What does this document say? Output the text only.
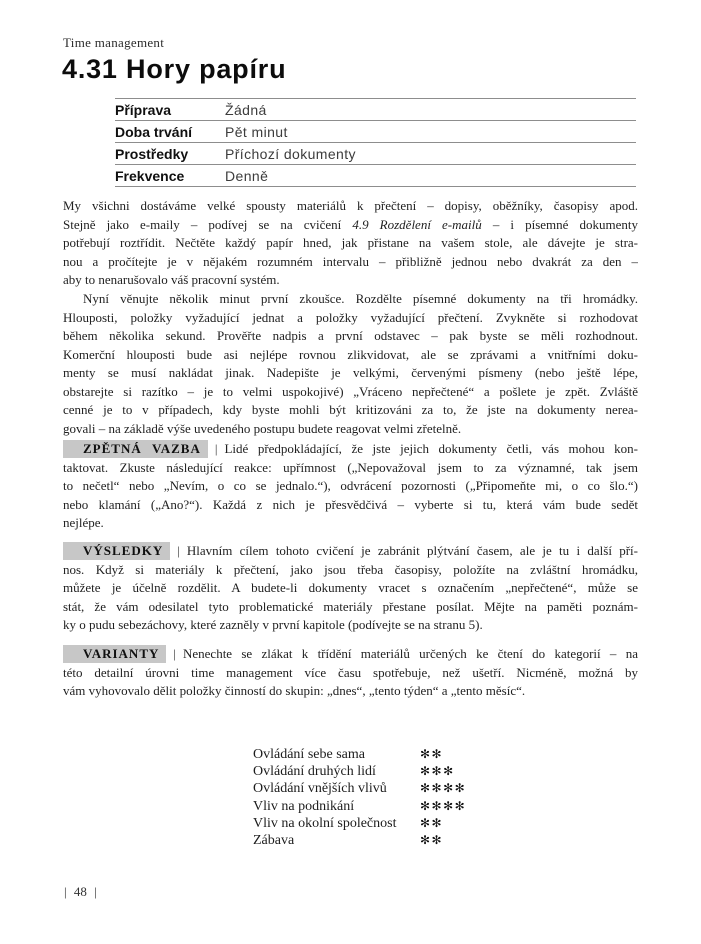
Time management
4.31 Hory papíru
Příprava	Žádná
Doba trvání	Pět minut
Prostředky	Příchozí dokumenty
Frekvence	Denně
My všichni dostáváme velké spousty materiálů k přečtení – dopisy, oběžníky, časopisy apod.
Stejně jako e-maily – podívej se na cvičení 4.9 Rozdělení e-mailů – i písemné dokumenty
potřebují roztřídit. Nečtěte každý papír hned, jak přistane na vašem stole, ale dávejte je stra-
nou a pročítejte je v nějakém rozumném intervalu – přibližně jednou nebo dvakrát za den –
aby to nenarušovalo váš pracovní systém.
Nyní věnujte několik minut první zkoušce. Rozdělte písemné dokumenty na tři hromádky.
Hlouposti, položky vyžadující jednat a položky vyžadující přečtení. Zvykněte si rozhodovat
během několika sekund. Prověřte nadpis a první odstavec – pak byste se měli rozhodnout.
Komerční hlouposti bude asi nejlépe rovnou zlikvidovat, ale se zprávami a vnitřními doku-
menty se musí nakládat jinak. Nadepište je velkými, červenými písmeny (nebo ještě lépe,
obstarejte si razítko – je to velmi uspokojivé) „Vráceno nepřečtené“ a pošlete je zpět. Zvláště
cenné je to v případech, kdy byste mohli být kritizováni za to, že jste na dokumenty nerea-
govali – na základě výše uvedeného postupu budete reagovat velmi zřetelně.
ZPĚTNÁ VAZBA | Lidé předpokládající, že jste jejich dokumenty četli, vás mohou kon-
taktovat. Zkuste následující reakce: upřímnost („Nepovažoval jsem to za významné, tak jsem
to nečetl“ nebo „Nevím, o co se jednalo.“), odvrácení pozornosti („Připomeňte mi, o co šlo.“)
nebo klamání („Ano?“). Každá z nich je přesvědčivá – vyberte si tu, která vám bude sedět
nejlépe.
VÝSLEDKY | Hlavním cílem tohoto cvičení je zabránit plýtvání časem, ale je tu i další pří-
nos. Když si materiály k přečtení, jako jsou třeba časopisy, položíte na zvláštní hromádku,
můžete je účelně rozdělit. A budete-li dokumenty vracet s označením „nepřečtené“, může se
stát, že vám odesilatel tyto problematické materiály přestane posílat. Mějte na paměti poznám-
ky o pudu sebezáchovy, které zazněly v první kapitole (podívejte se na stranu 5).
VARIANTY | Nenechte se zlákat k třídění materiálů určených ke čtení do kategorií – na
této detailní úrovni time management více času spotřebuje, než ušetří. Nicméně, možná by
vám vyhovovalo dělit položky činností do skupin: „dnes“, „tento týden“ a „tento měsíc“.
Ovládání sebe sama	✻✻
Ovládání druhých lidí	✻✻✻
Ovládání vnějších vlivů	✻✻✻✻
Vliv na podnikání	✻✻✻✻
Vliv na okolní společnost	✻✻
Zábava	✻✻
| 48 |
